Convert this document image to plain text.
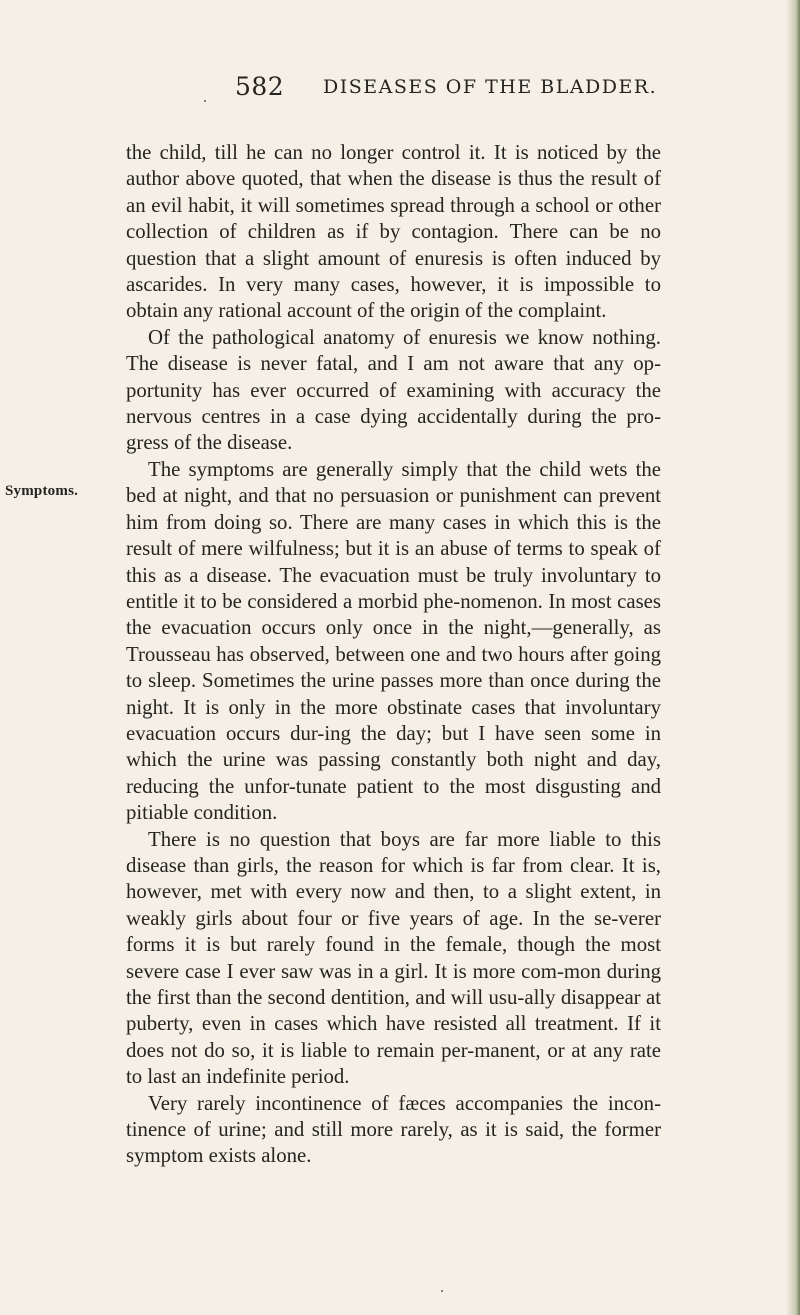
582 DISEASES OF THE BLADDER.
Symptoms.

the child, till he can no longer control it. It is noticed by the author above quoted, that when the disease is thus the result of an evil habit, it will sometimes spread through a school or other collection of children as if by contagion. There can be no question that a slight amount of enuresis is often induced by ascarides. In very many cases, however, it is impossible to obtain any rational account of the origin of the complaint.

Of the pathological anatomy of enuresis we know nothing. The disease is never fatal, and I am not aware that any op-portunity has ever occurred of examining with accuracy the nervous centres in a case dying accidentally during the pro-gress of the disease.

The symptoms are generally simply that the child wets the bed at night, and that no persuasion or punishment can prevent him from doing so. There are many cases in which this is the result of mere wilfulness; but it is an abuse of terms to speak of this as a disease. The evacuation must be truly involuntary to entitle it to be considered a morbid phe-nomenon. In most cases the evacuation occurs only once in the night,—generally, as Trousseau has observed, between one and two hours after going to sleep. Sometimes the urine passes more than once during the night. It is only in the more obstinate cases that involuntary evacuation occurs dur-ing the day; but I have seen some in which the urine was passing constantly both night and day, reducing the unfor-tunate patient to the most disgusting and pitiable condition.

There is no question that boys are far more liable to this disease than girls, the reason for which is far from clear. It is, however, met with every now and then, to a slight extent, in weakly girls about four or five years of age. In the se-verer forms it is but rarely found in the female, though the most severe case I ever saw was in a girl. It is more com-mon during the first than the second dentition, and will usu-ally disappear at puberty, even in cases which have resisted all treatment. If it does not do so, it is liable to remain per-manent, or at any rate to last an indefinite period.

Very rarely incontinence of fæces accompanies the incon-tinence of urine; and still more rarely, as it is said, the former symptom exists alone.
